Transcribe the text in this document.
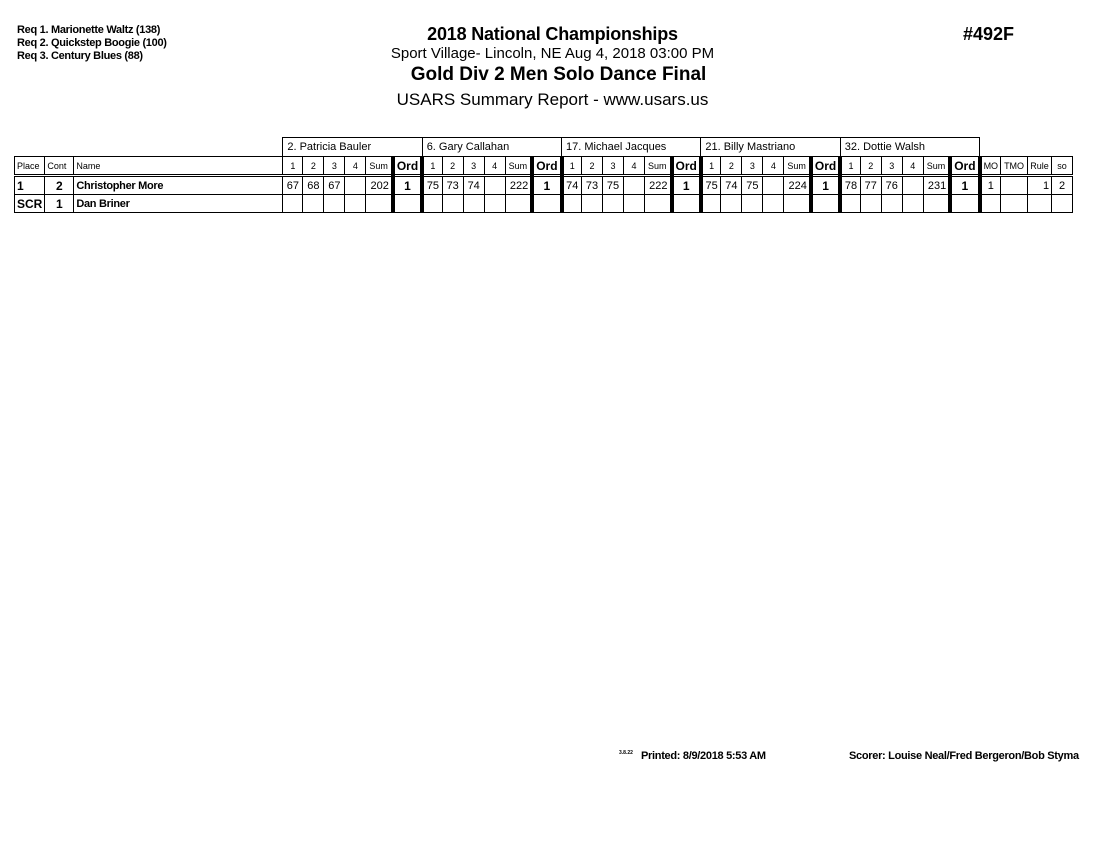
Req 1. Marionette Waltz (138)
Req 2. Quickstep Boogie (100)
Req 3. Century Blues (88)
2018 National Championships
Sport Village- Lincoln, NE Aug 4, 2018 03:00 PM
Gold Div 2 Men Solo Dance Final
USARS Summary Report - www.usars.us
#492F
			2. Patricia Bauler						6. Gary Callahan						17. Michael Jacques						21. Billy Mastriano						32. Dottie Walsh									
Place	Cont	Name	1	2	3	4	Sum	Ord	1	2	3	4	Sum	Ord	1	2	3	4	Sum	Ord	1	2	3	4	Sum	Ord	1	2	3	4	Sum	Ord	MO	TMO	Rule	so
1	2	Christopher More	67	68	67		202	1	75	73	74		222	1	74	73	75		222	1	75	74	75		224	1	78	77	76		231	1	1		1	2
SCR	1	Dan Briner																																		
3.8.22 Printed: 8/9/2018 5:53 AM	Scorer: Louise Neal/Fred Bergeron/Bob Styma
